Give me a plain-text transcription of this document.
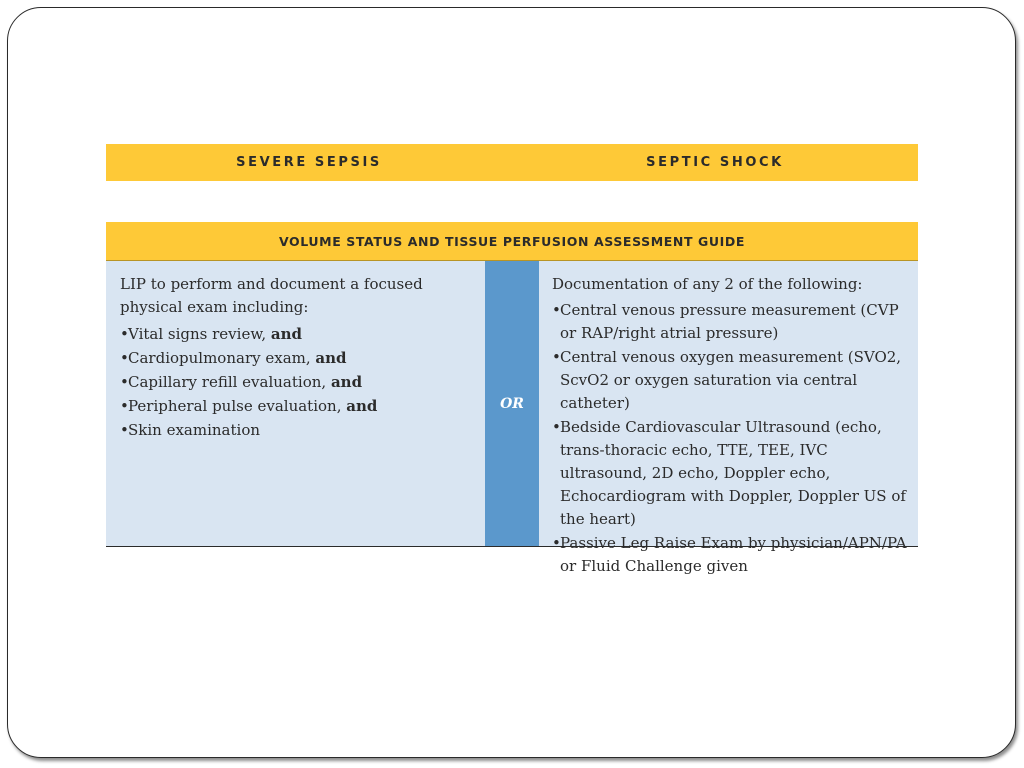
SEVERE SEPSIS	SEPTIC SHOCK
VOLUME STATUS AND TISSUE PERFUSION ASSESSMENT GUIDE

LIP to perform and document a focused physical exam including:

• Vital signs review, and
• Cardiopulmonary exam, and
• Capillary refill evaluation, and
• Peripheral pulse evaluation, and
• Skin examination
OR

Documentation of any 2 of the following:

• Central venous pressure measurement (CVP or RAP/right atrial pressure)
• Central venous oxygen measurement (SVO2, ScvO2 or oxygen saturation via central catheter)
• Bedside Cardiovascular Ultrasound (echo, trans-thoracic echo, TTE, TEE, IVC ultrasound, 2D echo, Doppler echo, Echocardiogram with Doppler, Doppler US of the heart)
• Passive Leg Raise Exam by physician/APN/PA or Fluid Challenge given
